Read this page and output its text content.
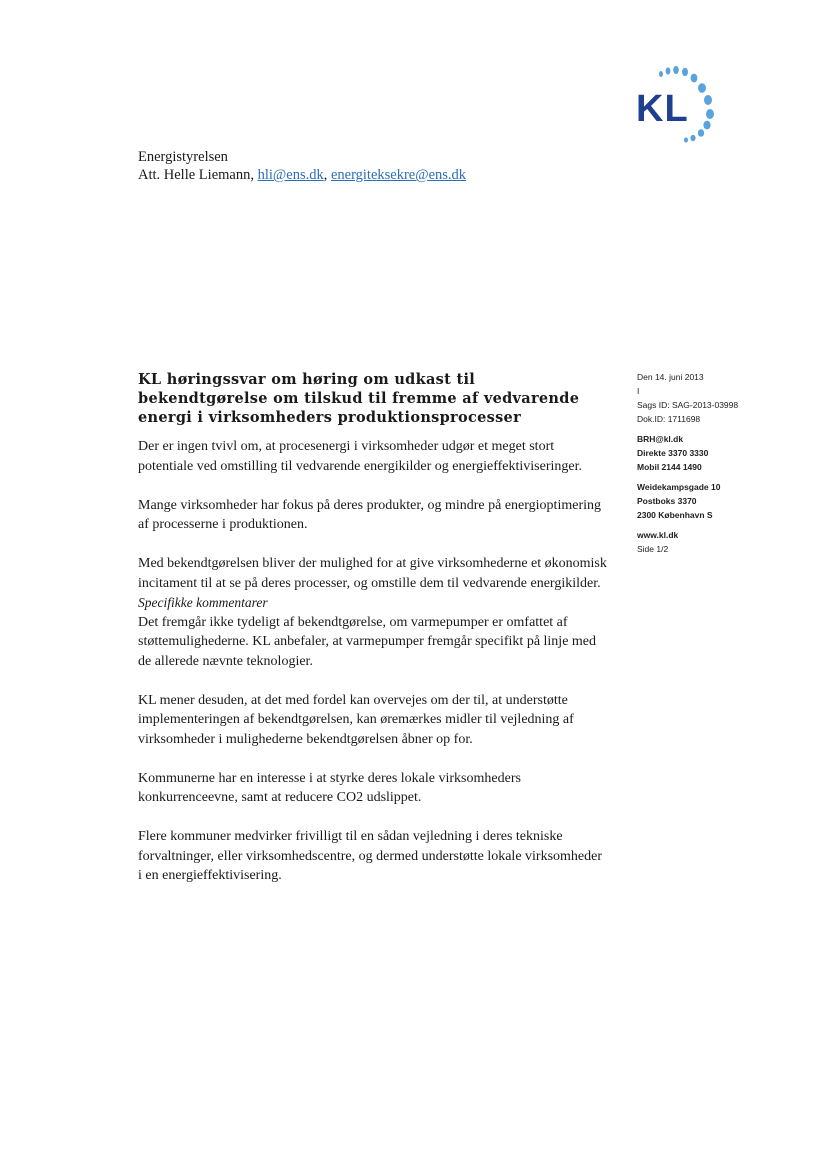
KL
Energistyrelsen
Att. Helle Liemann, hli@ens.dk, energiteksekre@ens.dk
KL høringssvar om høring om udkast til bekendtgørelse om tilskud til fremme af vedvarende energi i virksomheders produktionsprocesser
Den 14. juni 2013
I
Sags ID: SAG-2013-03998
Dok.ID: 1711698
BRH@kl.dk
Direkte 3370 3330
Mobil 2144 1490
Weidekampsgade 10
Postboks 3370
2300 København S
www.kl.dk
Side 1/2

Der er ingen tvivl om, at procesenergi i virksomheder udgør et meget stort potentiale ved omstilling til vedvarende energikilder og energieffektiviseringer.

Mange virksomheder har fokus på deres produkter, og mindre på energioptimering af processerne i produktionen.

Med bekendtgørelsen bliver der mulighed for at give virksomhederne et økonomisk incitament til at se på deres processer, og omstille dem til vedvarende energikilder.

Specifikke kommentarer

Det fremgår ikke tydeligt af bekendtgørelse, om varmepumper er omfattet af støttemulighederne. KL anbefaler, at varmepumper fremgår specifikt på linje med de allerede nævnte teknologier.

KL mener desuden, at det med fordel kan overvejes om der til, at understøtte implementeringen af bekendtgørelsen, kan øremærkes midler til vejledning af virksomheder i mulighederne bekendtgørelsen åbner op for.

Kommunerne har en interesse i at styrke deres lokale virksomheders konkurrenceevne, samt at reducere CO2 udslippet.

Flere kommuner medvirker frivilligt til en sådan vejledning i deres tekniske forvaltninger, eller virksomhedscentre, og dermed understøtte lokale virksomheder i en energieffektivisering.
